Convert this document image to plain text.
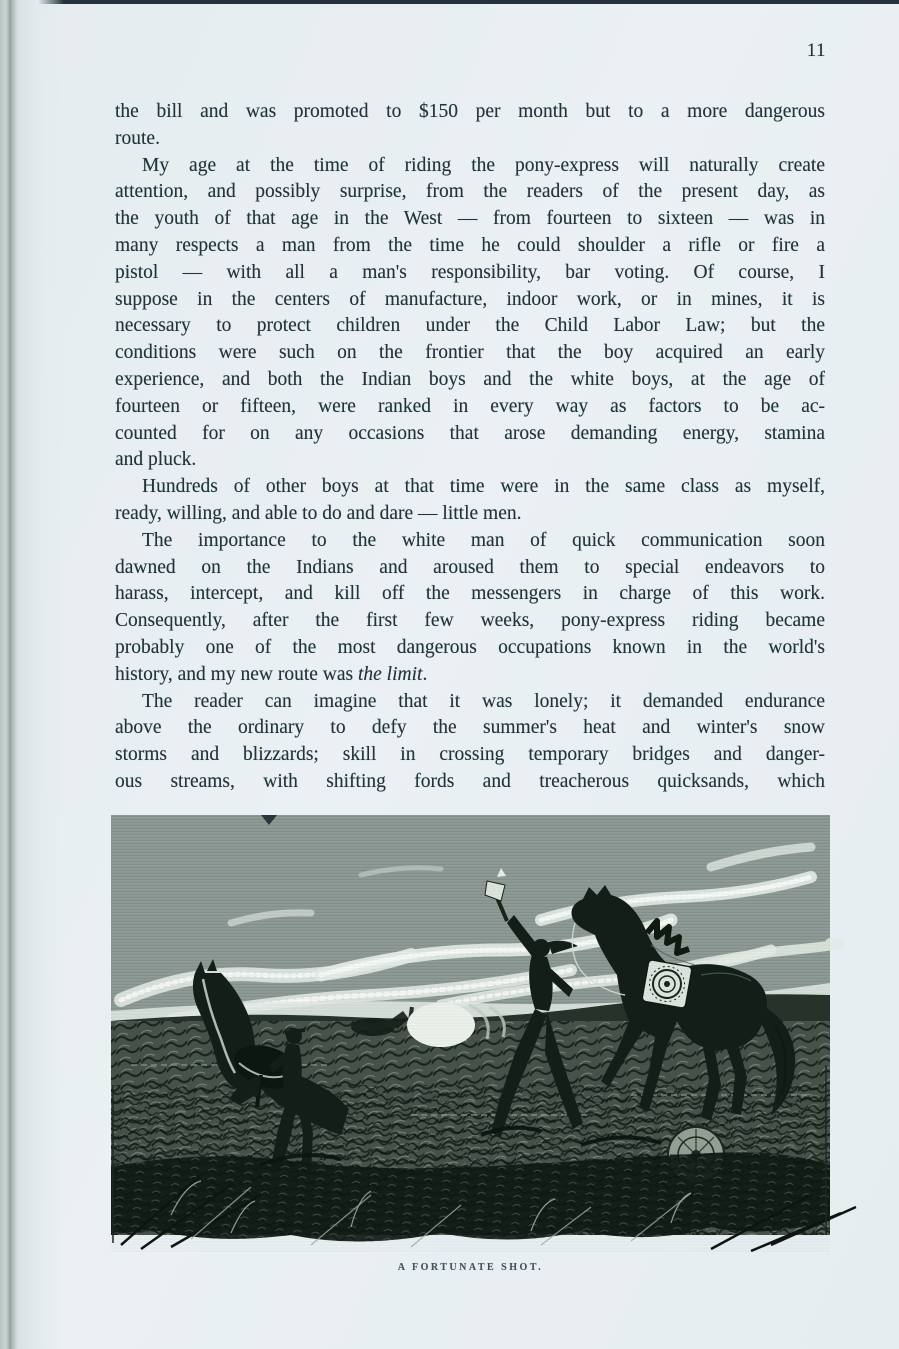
11
the bill and was promoted to $150 per month but to a more dangerous
route.
My age at the time of riding the pony-express will naturally create
attention, and possibly surprise, from the readers of the present day, as
the youth of that age in the West — from fourteen to sixteen — was in
many respects a man from the time he could shoulder a rifle or fire a
pistol — with all a man's responsibility, bar voting. Of course, I
suppose in the centers of manufacture, indoor work, or in mines, it is
necessary to protect children under the Child Labor Law; but the
conditions were such on the frontier that the boy acquired an early
experience, and both the Indian boys and the white boys, at the age of
fourteen or fifteen, were ranked in every way as factors to be ac-
counted for on any occasions that arose demanding energy, stamina
and pluck.
Hundreds of other boys at that time were in the same class as myself,
ready, willing, and able to do and dare — little men.
The importance to the white man of quick communication soon
dawned on the Indians and aroused them to special endeavors to
harass, intercept, and kill off the messengers in charge of this work.
Consequently, after the first few weeks, pony-express riding became
probably one of the most dangerous occupations known in the world's
history, and my new route was the limit.
The reader can imagine that it was lonely; it demanded endurance
above the ordinary to defy the summer's heat and winter's snow
storms and blizzards; skill in crossing temporary bridges and danger-
ous streams, with shifting fords and treacherous quicksands, which
A FORTUNATE SHOT.
